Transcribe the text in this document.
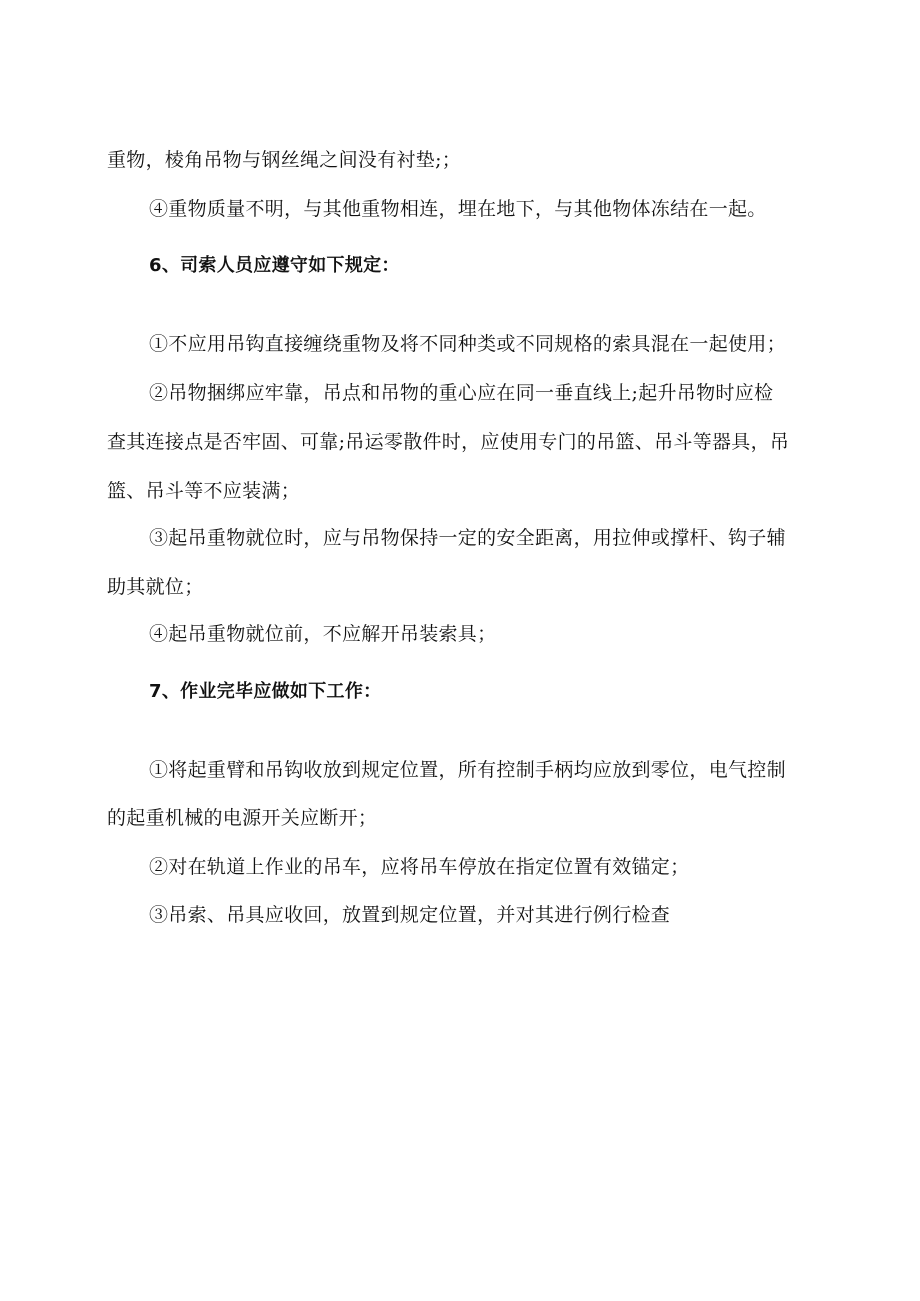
重物，棱角吊物与钢丝绳之间没有衬垫;；
④重物质量不明，与其他重物相连，埋在地下，与其他物体冻结在一起。
6、司索人员应遵守如下规定：
①不应用吊钩直接缠绕重物及将不同种类或不同规格的索具混在一起使用；
②吊物捆绑应牢靠，吊点和吊物的重心应在同一垂直线上;起升吊物时应检
查其连接点是否牢固、可靠;吊运零散件时，应使用专门的吊篮、吊斗等器具，吊
篮、吊斗等不应装满；
③起吊重物就位时，应与吊物保持一定的安全距离，用拉伸或撑杆、钩子辅
助其就位；
④起吊重物就位前，不应解开吊装索具；
7、作业完毕应做如下工作：
①将起重臂和吊钩收放到规定位置，所有控制手柄均应放到零位，电气控制
的起重机械的电源开关应断开；
②对在轨道上作业的吊车，应将吊车停放在指定位置有效锚定；
③吊索、吊具应收回，放置到规定位置，并对其进行例行检查
